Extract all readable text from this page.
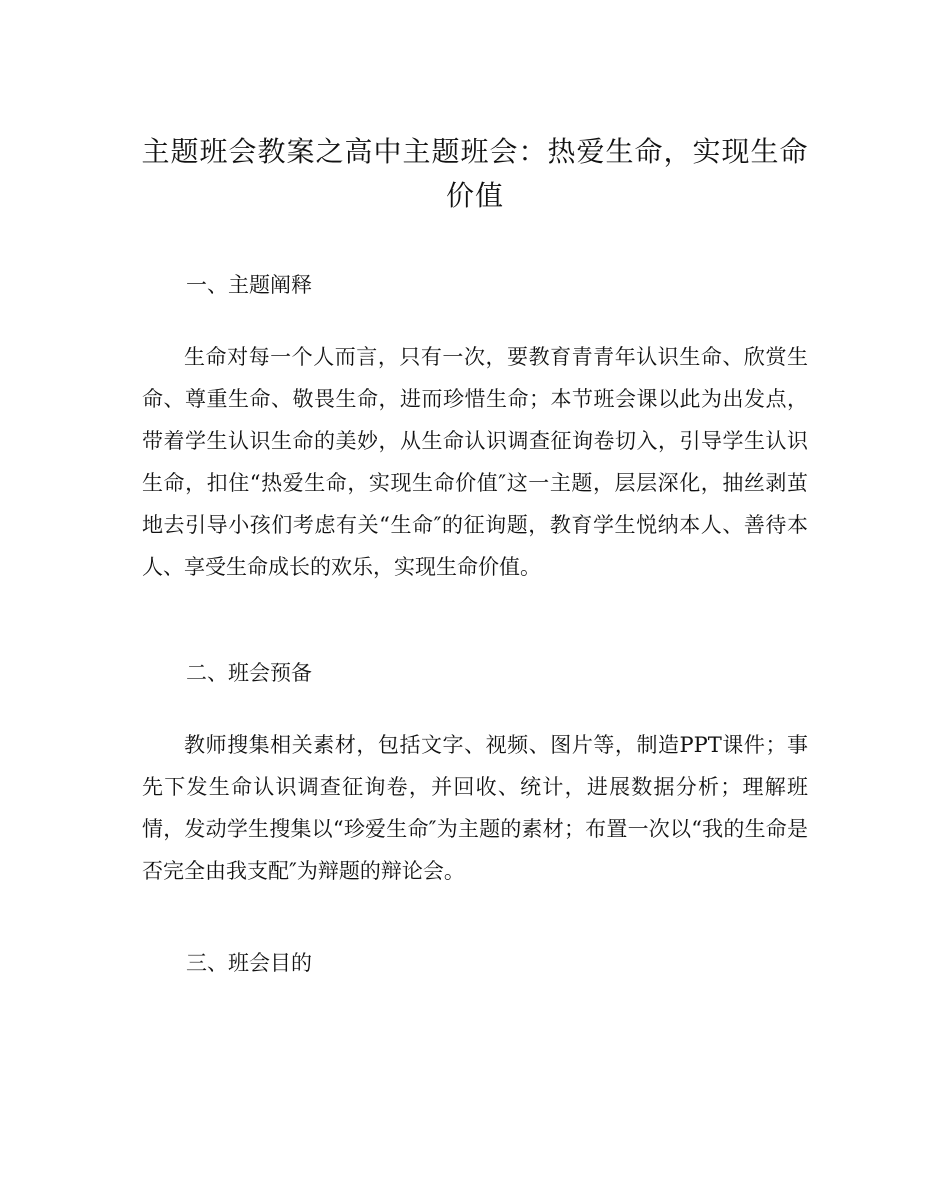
主题班会教案之高中主题班会：热爱生命，实现生命价值
一、主题阐释

生命对每一个人而言，只有一次，要教育青青年认识生命、欣赏生命、尊重生命、敬畏生命，进而珍惜生命；本节班会课以此为出发点，带着学生认识生命的美妙，从生命认识调查征询卷切入，引导学生认识生命，扣住“热爱生命，实现生命价值″这一主题，层层深化，抽丝剥茧地去引导小孩们考虑有关“生命″的征询题，教育学生悦纳本人、善待本人、享受生命成长的欢乐，实现生命价值。

二、班会预备

教师搜集相关素材，包括文字、视频、图片等，制造PPT课件；事先下发生命认识调查征询卷，并回收、统计，进展数据分析；理解班情，发动学生搜集以“珍爱生命″为主题的素材；布置一次以“我的生命是否完全由我支配″为辩题的辩论会。

三、班会目的
